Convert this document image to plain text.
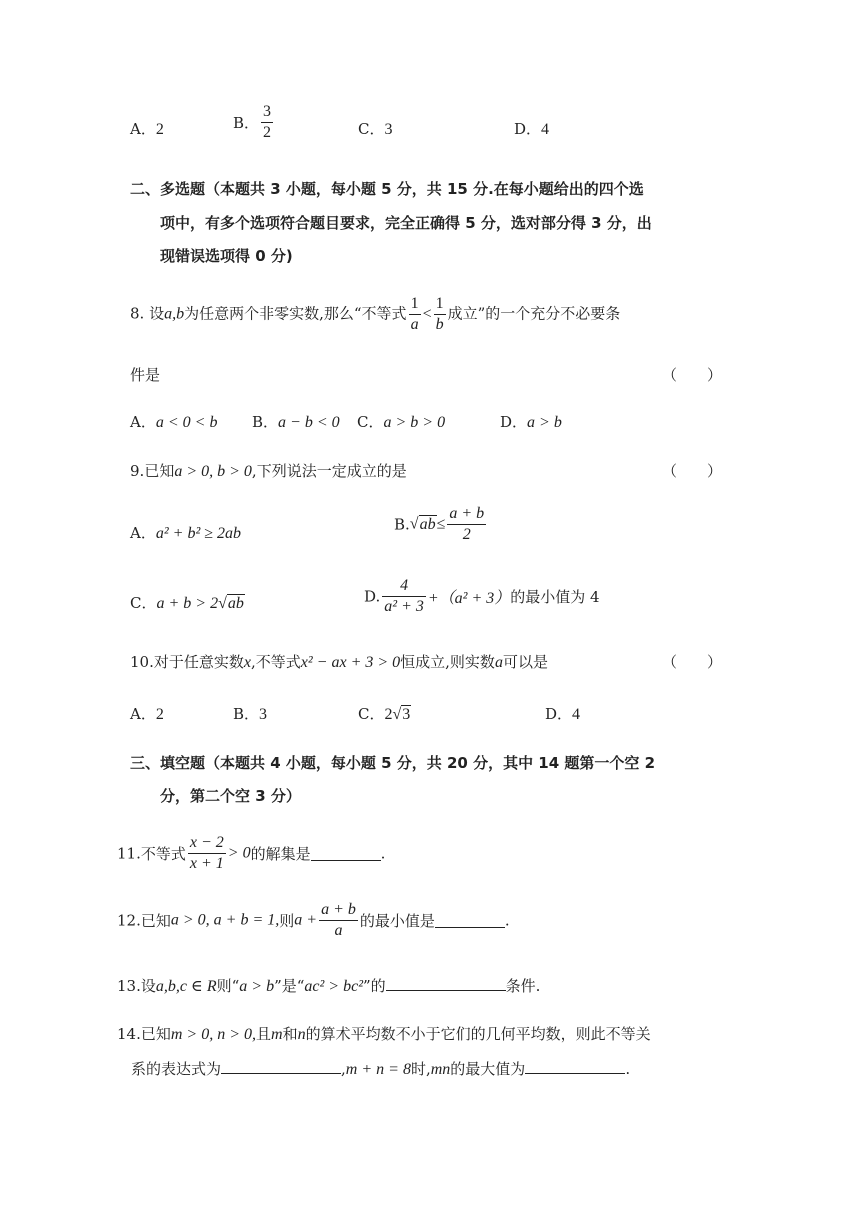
A．2	B． $\frac{3}{2}$	C．3	D．4
二、多选题（本题共 3 小题，每小题 5 分，共 15 分.在每小题给出的四个选
项中，有多个选项符合题目要求，完全正确得 5 分，选对部分得 3 分，出
现错误选项得 0 分)
8. 设a,b为任意两个非零实数,那么“不等式 $\frac{1}{a} < \frac{1}{b}$ 成立”的一个充分不必要条
件是	（　　）
A．a < 0 < b B．a − b < 0 C．a > b > 0	D．a > b
9.已知a > 0, b > 0,下列说法一定成立的是	（　　）
A．a² + b² ≥ 2ab	$B.√ab\le \frac{a + b}{2}$
C．a + b > 2√ab	D. $\frac{4}{\text{a² + 3}} +(a^2 + 3)$的最小值为 4
10.对于任意实数x,不等式x² − ax + 3 > 0恒成立,则实数a可以是	（　　）
A．2	B．3	C．2√3	D．4
三、填空题（本题共 4 小题，每小题 5 分，共 20 分，其中 14 题第一个空 2
分，第二个空 3 分）
11.不等式 $\frac{x - 2}{x + 1} > 0$的解集是	.
12.已知a > 0, a + b = 1,则$a + \frac{a + b}{a}$ 的最小值是	.
13.设a,b,c ∈ R则“a > b”是“ac² > bc²”的	条件.
14.已知m > 0, n > 0,且m和n的算术平均数不小于它们的几何平均数，则此不等关
系的表达式为	,m + n = 8时,mn的最大值为	.
